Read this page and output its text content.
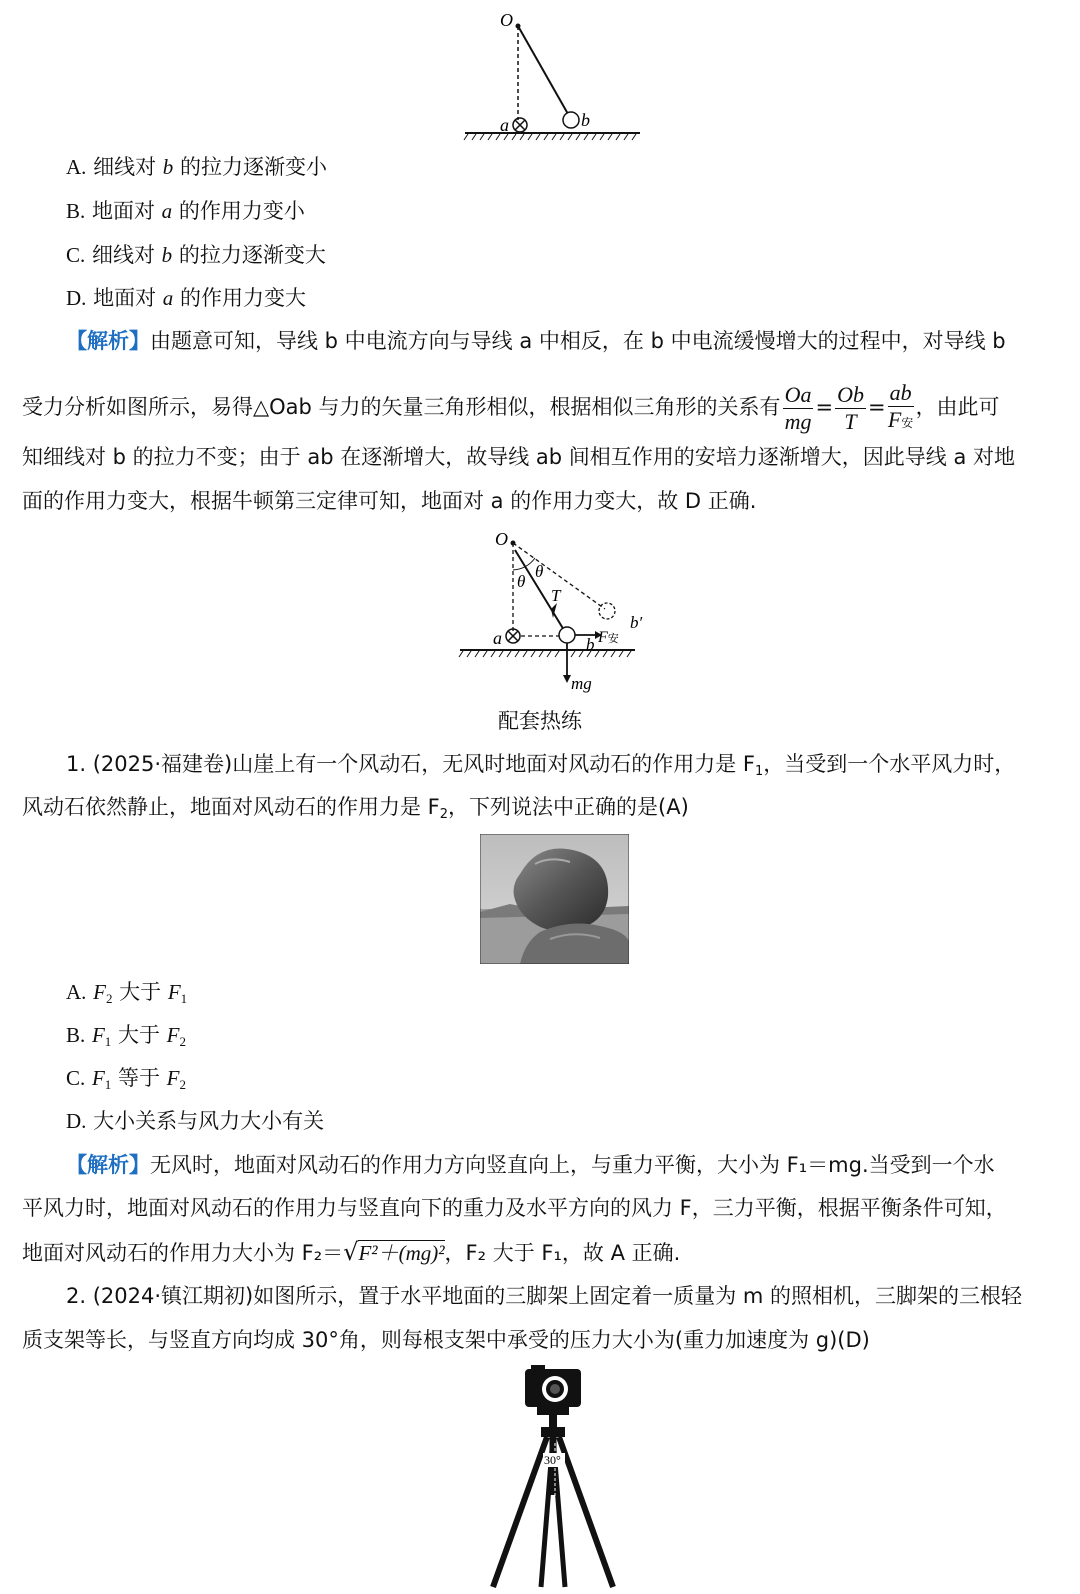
O
a	b
A. 细线对 b 的拉力逐渐变小
B. 地面对 a 的作用力变小
C. 细线对 b 的拉力逐渐变大
D. 地面对 a 的作用力变大
【解析】由题意可知，导线 b 中电流方向与导线 a 中相反，在 b 中电流缓慢增大的过程中，对导线 b
受力分析如图所示，易得△Oab 与力的矢量三角形相似，根据相似三角形的关系有 $\frac{Oa}{mg} = \frac{Ob}{T} = \frac{ab}{\text{F安}}$ ，由此可
知细线对 b 的拉力不变；由于 ab 在逐渐增大，故导线 ab 间相互作用的安培力逐渐增大，因此导线 a 对地
面的作用力变大，根据牛顿第三定律可知，地面对 a 的作用力变大，故 D 正确.
O
θ
θ
T
b′
a	b F安
mg
配套热练
1. (2025·福建卷)山崖上有一个风动石，无风时地面对风动石的作用力是 $F_1$，当受到一个水平风力时，
风动石依然静止，地面对风动石的作用力是 $F_2$，下列说法中正确的是(A)
A. $F_2$ 大于 $F_1$
B. $F_1$ 大于 $F_2$
C. $F_1$ 等于 $F_2$
D. 大小关系与风力大小有关
【解析】无风时，地面对风动石的作用力方向竖直向上，与重力平衡，大小为 F₁＝mg.当受到一个水
平风力时，地面对风动石的作用力与竖直向下的重力及水平方向的风力 F，三力平衡，根据平衡条件可知，
地面对风动石的作用力大小为 F₂＝√F²＋(mg)²，F₂ 大于 F₁，故 A 正确.
2. (2024·镇江期初)如图所示，置于水平地面的三脚架上固定着一质量为 m 的照相机，三脚架的三根轻
质支架等长，与竖直方向均成 30°角，则每根支架中承受的压力大小为(重力加速度为 g)(D)
30°
